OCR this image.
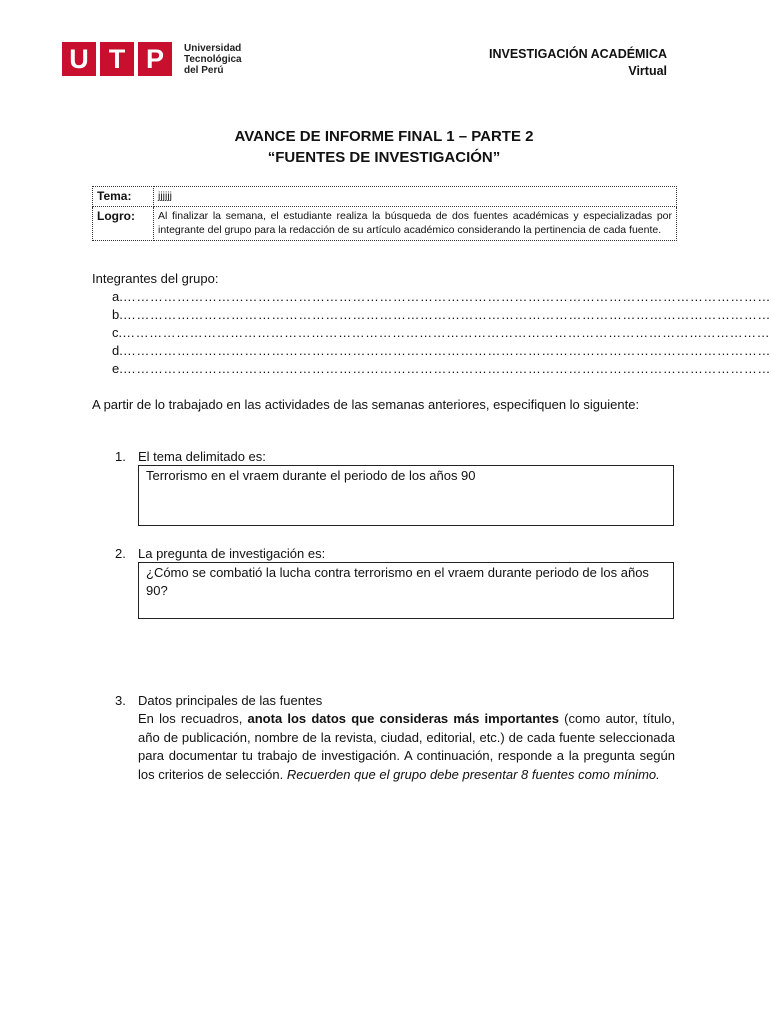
U T P	Universidad
Tecnológica
del Perú
INVESTIGACIÓN ACADÉMICA
Virtual
AVANCE DE INFORME FINAL 1 – PARTE 2
“FUENTES DE INVESTIGACIÓN”
Tema:	jjjjjj
Logro:	Al finalizar la semana, el estudiante realiza la búsqueda de dos fuentes académicas y especializadas por integrante del grupo para la redacción de su artículo académico considerando la pertinencia de cada fuente.
Integrantes del grupo:
a. ………………………………………………………………………………………………………………………………
b. ………………………………………………………………………………………………………………………………
c. ………………………………………………………………………………………………………………………………
d. ………………………………………………………………………………………………………………………………
e. ………………………………………………………………………………………………………………………………
A partir de lo trabajado en las actividades de las semanas anteriores, especifiquen lo siguiente:
1. El tema delimitado es:
Terrorismo en el vraem durante el periodo de los años 90
2. La pregunta de investigación es:
¿Cómo se combatió la lucha contra terrorismo en el vraem durante periodo de los años 90?
3. Datos principales de las fuentes
En los recuadros, anota los datos que consideras más importantes (como autor, título, año de publicación, nombre de la revista, ciudad, editorial, etc.) de cada fuente seleccionada para documentar tu trabajo de investigación. A continuación, responde a la pregunta según los criterios de selección. Recuerden que el grupo debe presentar 8 fuentes como mínimo.
